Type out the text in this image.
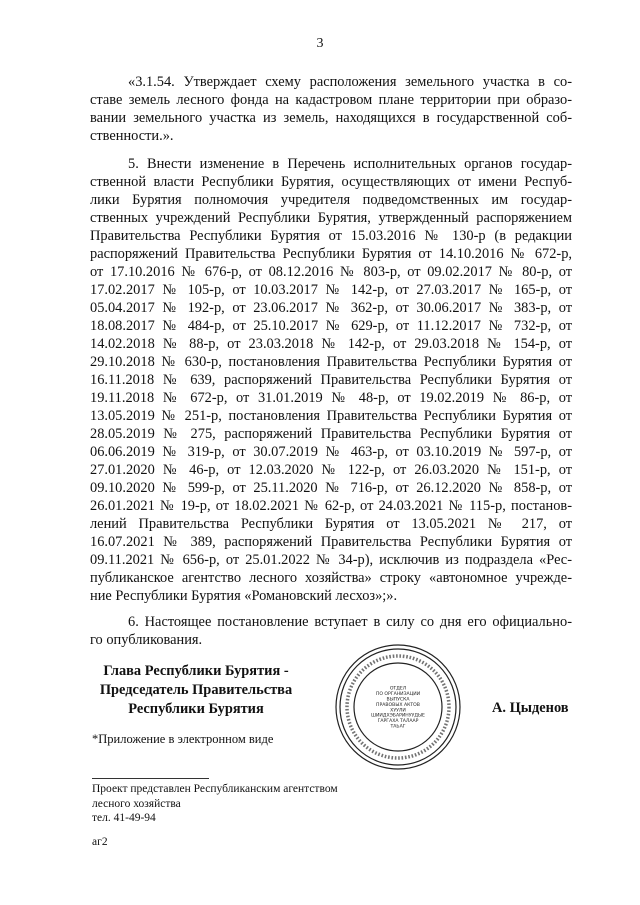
3
«3.1.54. Утверждает схему расположения земельного участка в со-
ставе земель лесного фонда на кадастровом плане территории при образо-
вании земельного участка из земель, находящихся в государственной соб-
ственности.».
5. Внести изменение в Перечень исполнительных органов государ-
ственной власти Республики Бурятия, осуществляющих от имени Респуб-
лики Бурятия полномочия учредителя подведомственных им государ-
ственных учреждений Республики Бурятия, утвержденный распоряжением
Правительства Республики Бурятия от 15.03.2016 № 130-р (в редакции
распоряжений Правительства Республики Бурятия от 14.10.2016 № 672-р,
от 17.10.2016 № 676-р, от 08.12.2016 № 803-р, от 09.02.2017 № 80-р, от
17.02.2017 № 105-р, от 10.03.2017 № 142-р, от 27.03.2017 № 165-р, от
05.04.2017 № 192-р, от 23.06.2017 № 362-р, от 30.06.2017 № 383-р, от
18.08.2017 № 484-р, от 25.10.2017 № 629-р, от 11.12.2017 № 732-р, от
14.02.2018 № 88-р, от 23.03.2018 № 142-р, от 29.03.2018 № 154-р, от
29.10.2018 № 630-р, постановления Правительства Республики Бурятия от
16.11.2018 № 639, распоряжений Правительства Республики Бурятия от
19.11.2018 № 672-р, от 31.01.2019 № 48-р, от 19.02.2019 № 86-р, от
13.05.2019 № 251-р, постановления Правительства Республики Бурятия от
28.05.2019 № 275, распоряжений Правительства Республики Бурятия от
06.06.2019 № 319-р, от 30.07.2019 № 463-р, от 03.10.2019 № 597-р, от
27.01.2020 № 46-р, от 12.03.2020 № 122-р, от 26.03.2020 № 151-р, от
09.10.2020 № 599-р, от 25.11.2020 № 716-р, от 26.12.2020 № 858-р, от
26.01.2021 № 19-р, от 18.02.2021 № 62-р, от 24.03.2021 № 115-р, постанов-
лений Правительства Республики Бурятия от 13.05.2021 № 217, от
16.07.2021 № 389, распоряжений Правительства Республики Бурятия от
09.11.2021 № 656-р, от 25.01.2022 № 34-р), исключив из подраздела «Рес-
публиканское агентство лесного хозяйства» строку «автономное учрежде-
ние Республики Бурятия «Романовский лесхоз»;».
6. Настоящее постановление вступает в силу со дня его официально-
го опубликования.
Глава Республики Бурятия -
Председатель Правительства
Республики Бурятия
ОТДЕЛ
ПО ОРГАНИЗАЦИИ
ВЫПУСКА
ПРАВОВЫХ АКТОВ
ХУУЛИ
ШИИДХЭБАРИНУУДЫЕ
ГАРГАХА ТАЛААР
ТАЬАГ
А. Цыденов
*Приложение в электронном виде
Проект представлен Республиканским агентством
лесного хозяйства
тел. 41-49-94
аг2
